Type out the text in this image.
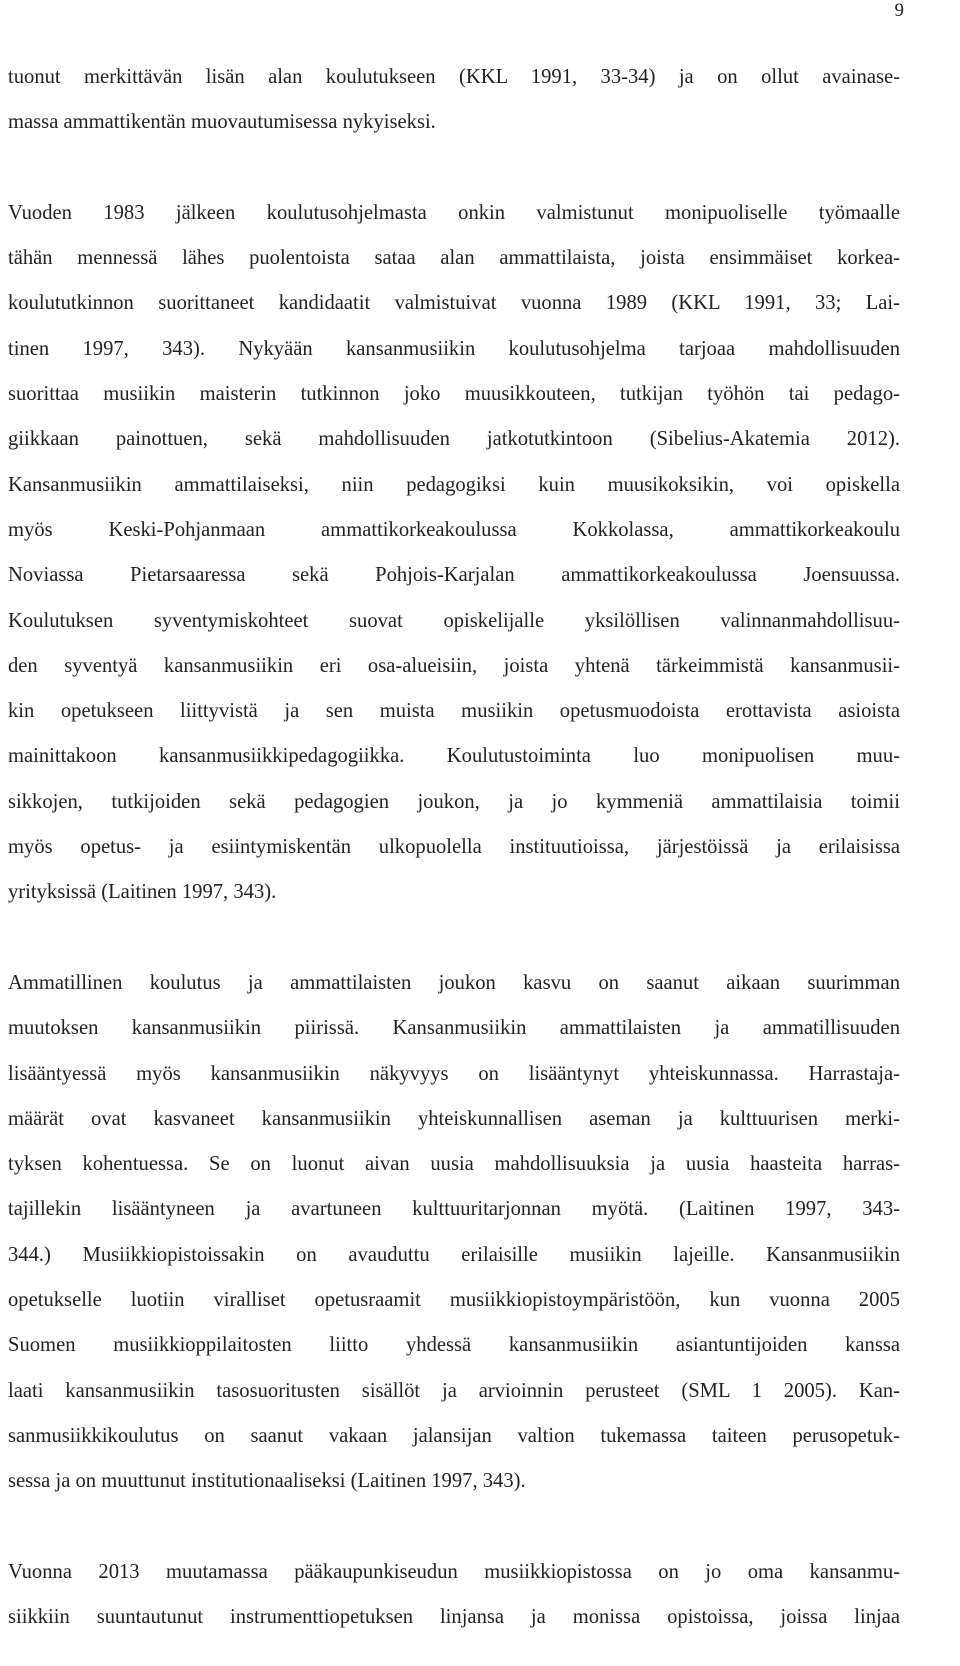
9
tuonut merkittävän lisän alan koulutukseen (KKL 1991, 33-34) ja on ollut avainase-
massa ammattikentän muovautumisessa nykyiseksi.
Vuoden 1983 jälkeen koulutusohjelmasta onkin valmistunut monipuoliselle työmaalle
tähän mennessä lähes puolentoista sataa alan ammattilaista, joista ensimmäiset korkea-
koulututkinnon suorittaneet kandidaatit valmistuivat vuonna 1989 (KKL 1991, 33; Lai-
tinen 1997, 343). Nykyään kansanmusiikin koulutusohjelma tarjoaa mahdollisuuden
suorittaa musiikin maisterin tutkinnon joko muusikkouteen, tutkijan työhön tai pedago-
giikkaan painottuen, sekä mahdollisuuden jatkotutkintoon (Sibelius-Akatemia 2012).
Kansanmusiikin ammattilaiseksi, niin pedagogiksi kuin muusikoksikin, voi opiskella
myös Keski-Pohjanmaan ammattikorkeakoulussa Kokkolassa, ammattikorkeakoulu
Noviassa Pietarsaaressa sekä Pohjois-Karjalan ammattikorkeakoulussa Joensuussa.
Koulutuksen syventymiskohteet suovat opiskelijalle yksilöllisen valinnanmahdollisuu-
den syventyä kansanmusiikin eri osa-alueisiin, joista yhtenä tärkeimmistä kansanmusii-
kin opetukseen liittyvistä ja sen muista musiikin opetusmuodoista erottavista asioista
mainittakoon kansanmusiikkipedagogiikka. Koulutustoiminta luo monipuolisen muu-
sikkojen, tutkijoiden sekä pedagogien joukon, ja jo kymmeniä ammattilaisia toimii
myös opetus- ja esiintymiskentän ulkopuolella instituutioissa, järjestöissä ja erilaisissa
yrityksissä (Laitinen 1997, 343).
Ammatillinen koulutus ja ammattilaisten joukon kasvu on saanut aikaan suurimman
muutoksen kansanmusiikin piirissä. Kansanmusiikin ammattilaisten ja ammatillisuuden
lisääntyessä myös kansanmusiikin näkyvyys on lisääntynyt yhteiskunnassa. Harrastaja-
määrät ovat kasvaneet kansanmusiikin yhteiskunnallisen aseman ja kulttuurisen merki-
tyksen kohentuessa. Se on luonut aivan uusia mahdollisuuksia ja uusia haasteita harras-
tajillekin lisääntyneen ja avartuneen kulttuuritarjonnan myötä. (Laitinen 1997, 343-
344.) Musiikkiopistoissakin on avauduttu erilaisille musiikin lajeille. Kansanmusiikin
opetukselle luotiin viralliset opetusraamit musiikkiopistoympäristöön, kun vuonna 2005
Suomen musiikkioppilaitosten liitto yhdessä kansanmusiikin asiantuntijoiden kanssa
laati kansanmusiikin tasosuoritusten sisällöt ja arvioinnin perusteet (SML 1 2005). Kan-
sanmusiikkikoulutus on saanut vakaan jalansijan valtion tukemassa taiteen perusopetuk-
sessa ja on muuttunut institutionaaliseksi (Laitinen 1997, 343).
Vuonna 2013 muutamassa pääkaupunkiseudun musiikkiopistossa on jo oma kansanmu-
siikkiin suuntautunut instrumenttiopetuksen linjansa ja monissa opistoissa, joissa linjaa
